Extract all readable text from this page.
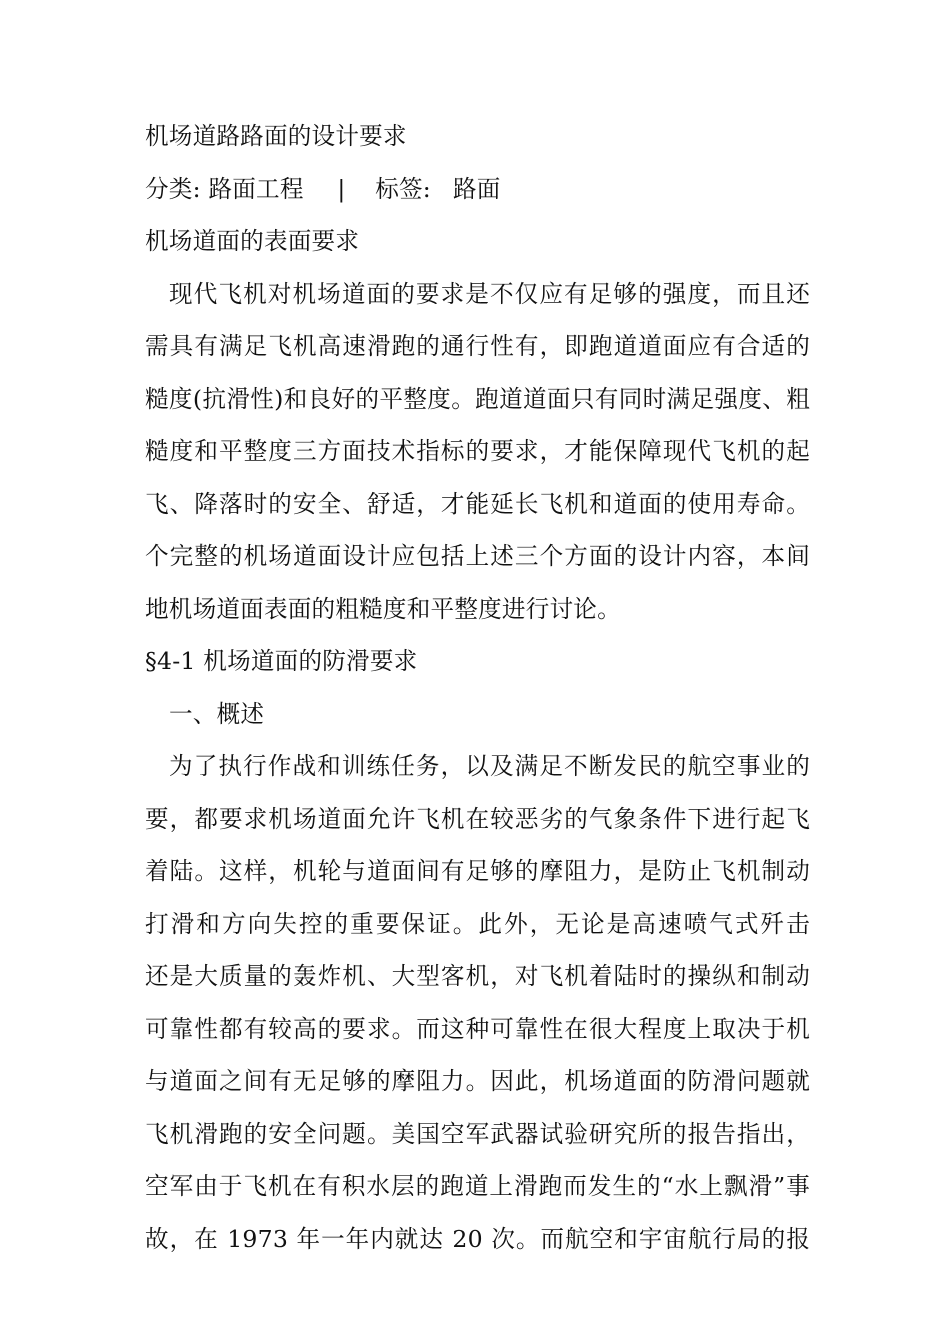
机场道路路面的设计要求
分类: 路面工程 | 标签: 路面
机场道面的表面要求
现代飞机对机场道面的要求是不仅应有足够的强度，而且还
需具有满足飞机高速滑跑的通行性有，即跑道道面应有合适的
糙度(抗滑性)和良好的平整度。跑道道面只有同时满足强度、粗
糙度和平整度三方面技术指标的要求，才能保障现代飞机的起
飞、降落时的安全、舒适，才能延长飞机和道面的使用寿命。
个完整的机场道面设计应包括上述三个方面的设计内容，本间
地机场道面表面的粗糙度和平整度进行讨论。
§4-1 机场道面的防滑要求
一、概述
为了执行作战和训练任务，以及满足不断发民的航空事业的
要，都要求机场道面允许飞机在较恶劣的气象条件下进行起飞
着陆。这样，机轮与道面间有足够的摩阻力，是防止飞机制动
打滑和方向失控的重要保证。此外，无论是高速喷气式歼击
还是大质量的轰炸机、大型客机，对飞机着陆时的操纵和制动
可靠性都有较高的要求。而这种可靠性在很大程度上取决于机
与道面之间有无足够的摩阻力。因此，机场道面的防滑问题就
飞机滑跑的安全问题。美国空军武器试验研究所的报告指出，
空军由于飞机在有积水层的跑道上滑跑而发生的“水上飘滑”事
故，在 1973 年一年内就达 20 次。而航空和宇宙航行局的报
